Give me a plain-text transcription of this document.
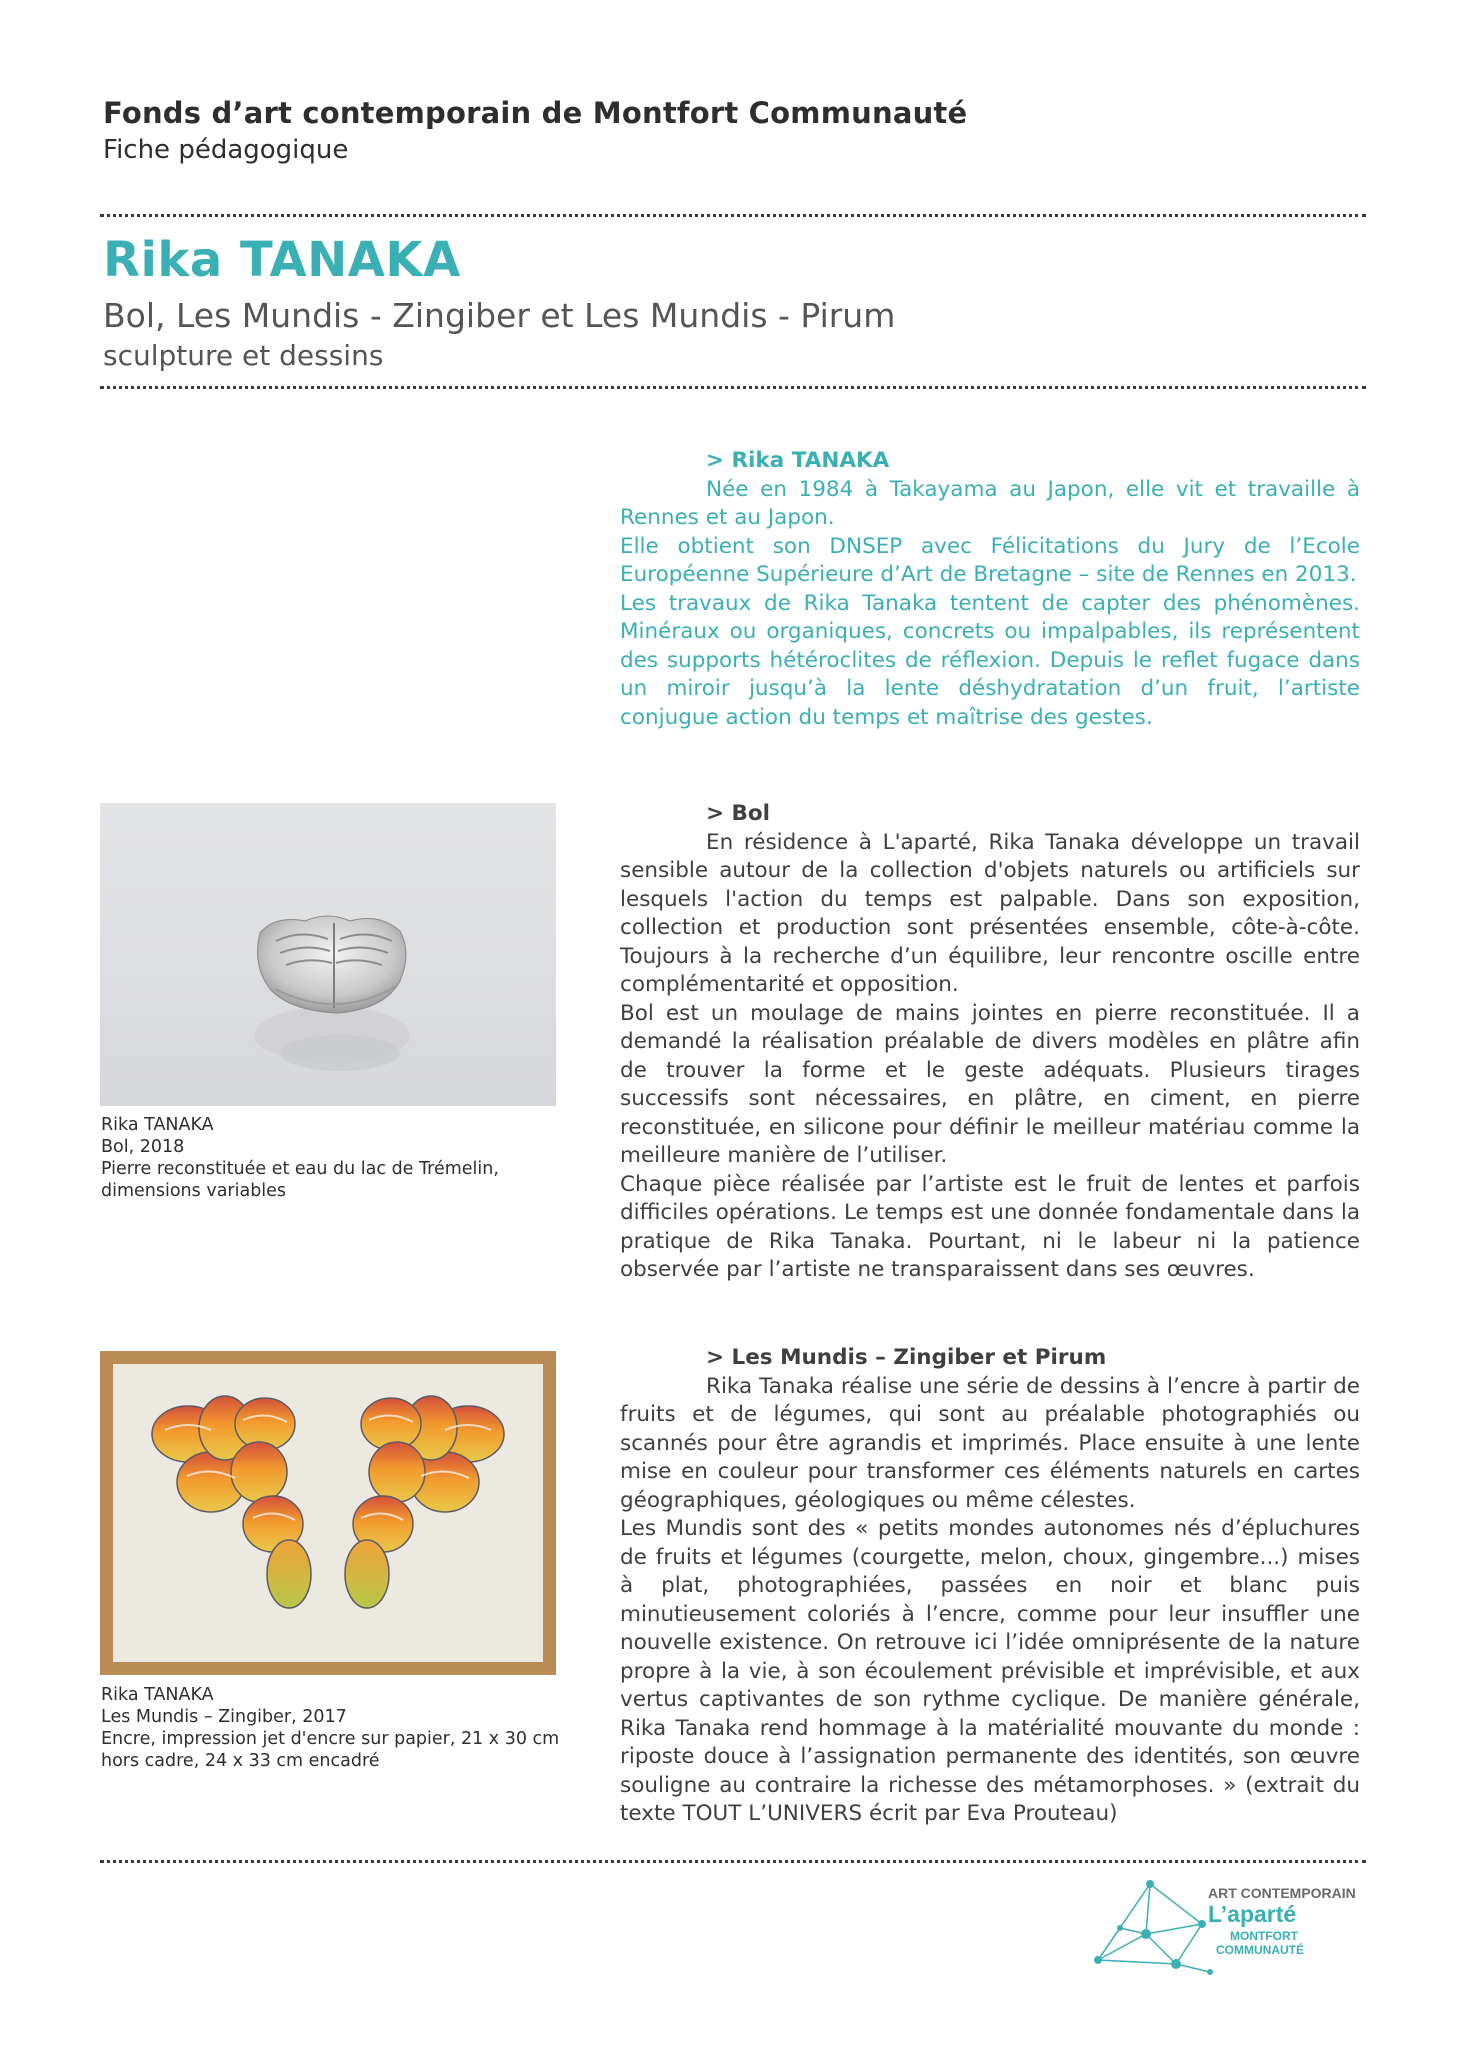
Fonds d’art contemporain de Montfort Communauté
Fiche pédagogique
Rika TANAKA
Bol, Les Mundis - Zingiber et Les Mundis - Pirum
sculpture et dessins

> Rika TANAKA

Née en 1984 à Takayama au Japon, elle vit et travaille à Rennes et au Japon.

Elle obtient son DNSEP avec Félicitations du Jury de l’Ecole Européenne Supérieure d’Art de Bretagne – site de Rennes en 2013.

Les travaux de Rika Tanaka tentent de capter des phénomènes. Minéraux ou organiques, concrets ou impalpables, ils représentent des supports hétéroclites de réflexion. Depuis le reflet fugace dans un miroir jusqu’à la lente déshydratation d’un fruit, l’artiste conjugue action du temps et maîtrise des gestes.

Rika TANAKA
Bol, 2018
Pierre reconstituée et eau du lac de Trémelin, dimensions variables

> Bol

En résidence à L'aparté, Rika Tanaka développe un travail sensible autour de la collection d'objets naturels ou artificiels sur lesquels l'action du temps est palpable. Dans son exposition, collection et production sont présentées ensemble, côte-à-côte. Toujours à la recherche d’un équilibre, leur rencontre oscille entre complémentarité et opposition.

Bol est un moulage de mains jointes en pierre reconstituée. Il a demandé la réalisation préalable de divers modèles en plâtre afin de trouver la forme et le geste adéquats. Plusieurs tirages successifs sont nécessaires, en plâtre, en ciment, en pierre reconstituée, en silicone pour définir le meilleur matériau comme la meilleure manière de l’utiliser.

Chaque pièce réalisée par l’artiste est le fruit de lentes et parfois difficiles opérations. Le temps est une donnée fondamentale dans la pratique de Rika Tanaka. Pourtant, ni le labeur ni la patience observée par l’artiste ne transparaissent dans ses œuvres.

Rika TANAKA
Les Mundis – Zingiber, 2017
Encre, impression jet d'encre sur papier, 21 x 30 cm hors cadre, 24 x 33 cm encadré

> Les Mundis – Zingiber et Pirum

Rika Tanaka réalise une série de dessins à l’encre à partir de fruits et de légumes, qui sont au préalable photographiés ou scannés pour être agrandis et imprimés. Place ensuite à une lente mise en couleur pour transformer ces éléments naturels en cartes géographiques, géologiques ou même célestes.

Les Mundis sont des « petits mondes autonomes nés d’épluchures de fruits et légumes (courgette, melon, choux, gingembre...) mises à plat, photographiées, passées en noir et blanc puis minutieusement coloriés à l’encre, comme pour leur insuffler une nouvelle existence. On retrouve ici l’idée omniprésente de la nature propre à la vie, à son écoulement prévisible et imprévisible, et aux vertus captivantes de son rythme cyclique. De manière générale, Rika Tanaka rend hommage à la matérialité mouvante du monde : riposte douce à l’assignation permanente des identités, son œuvre souligne au contraire la richesse des métamorphoses. » (extrait du texte TOUT L’UNIVERS écrit par Eva Prouteau)

ART CONTEMPORAIN
L’aparté
MONTFORT
COMMUNAUTÉ
